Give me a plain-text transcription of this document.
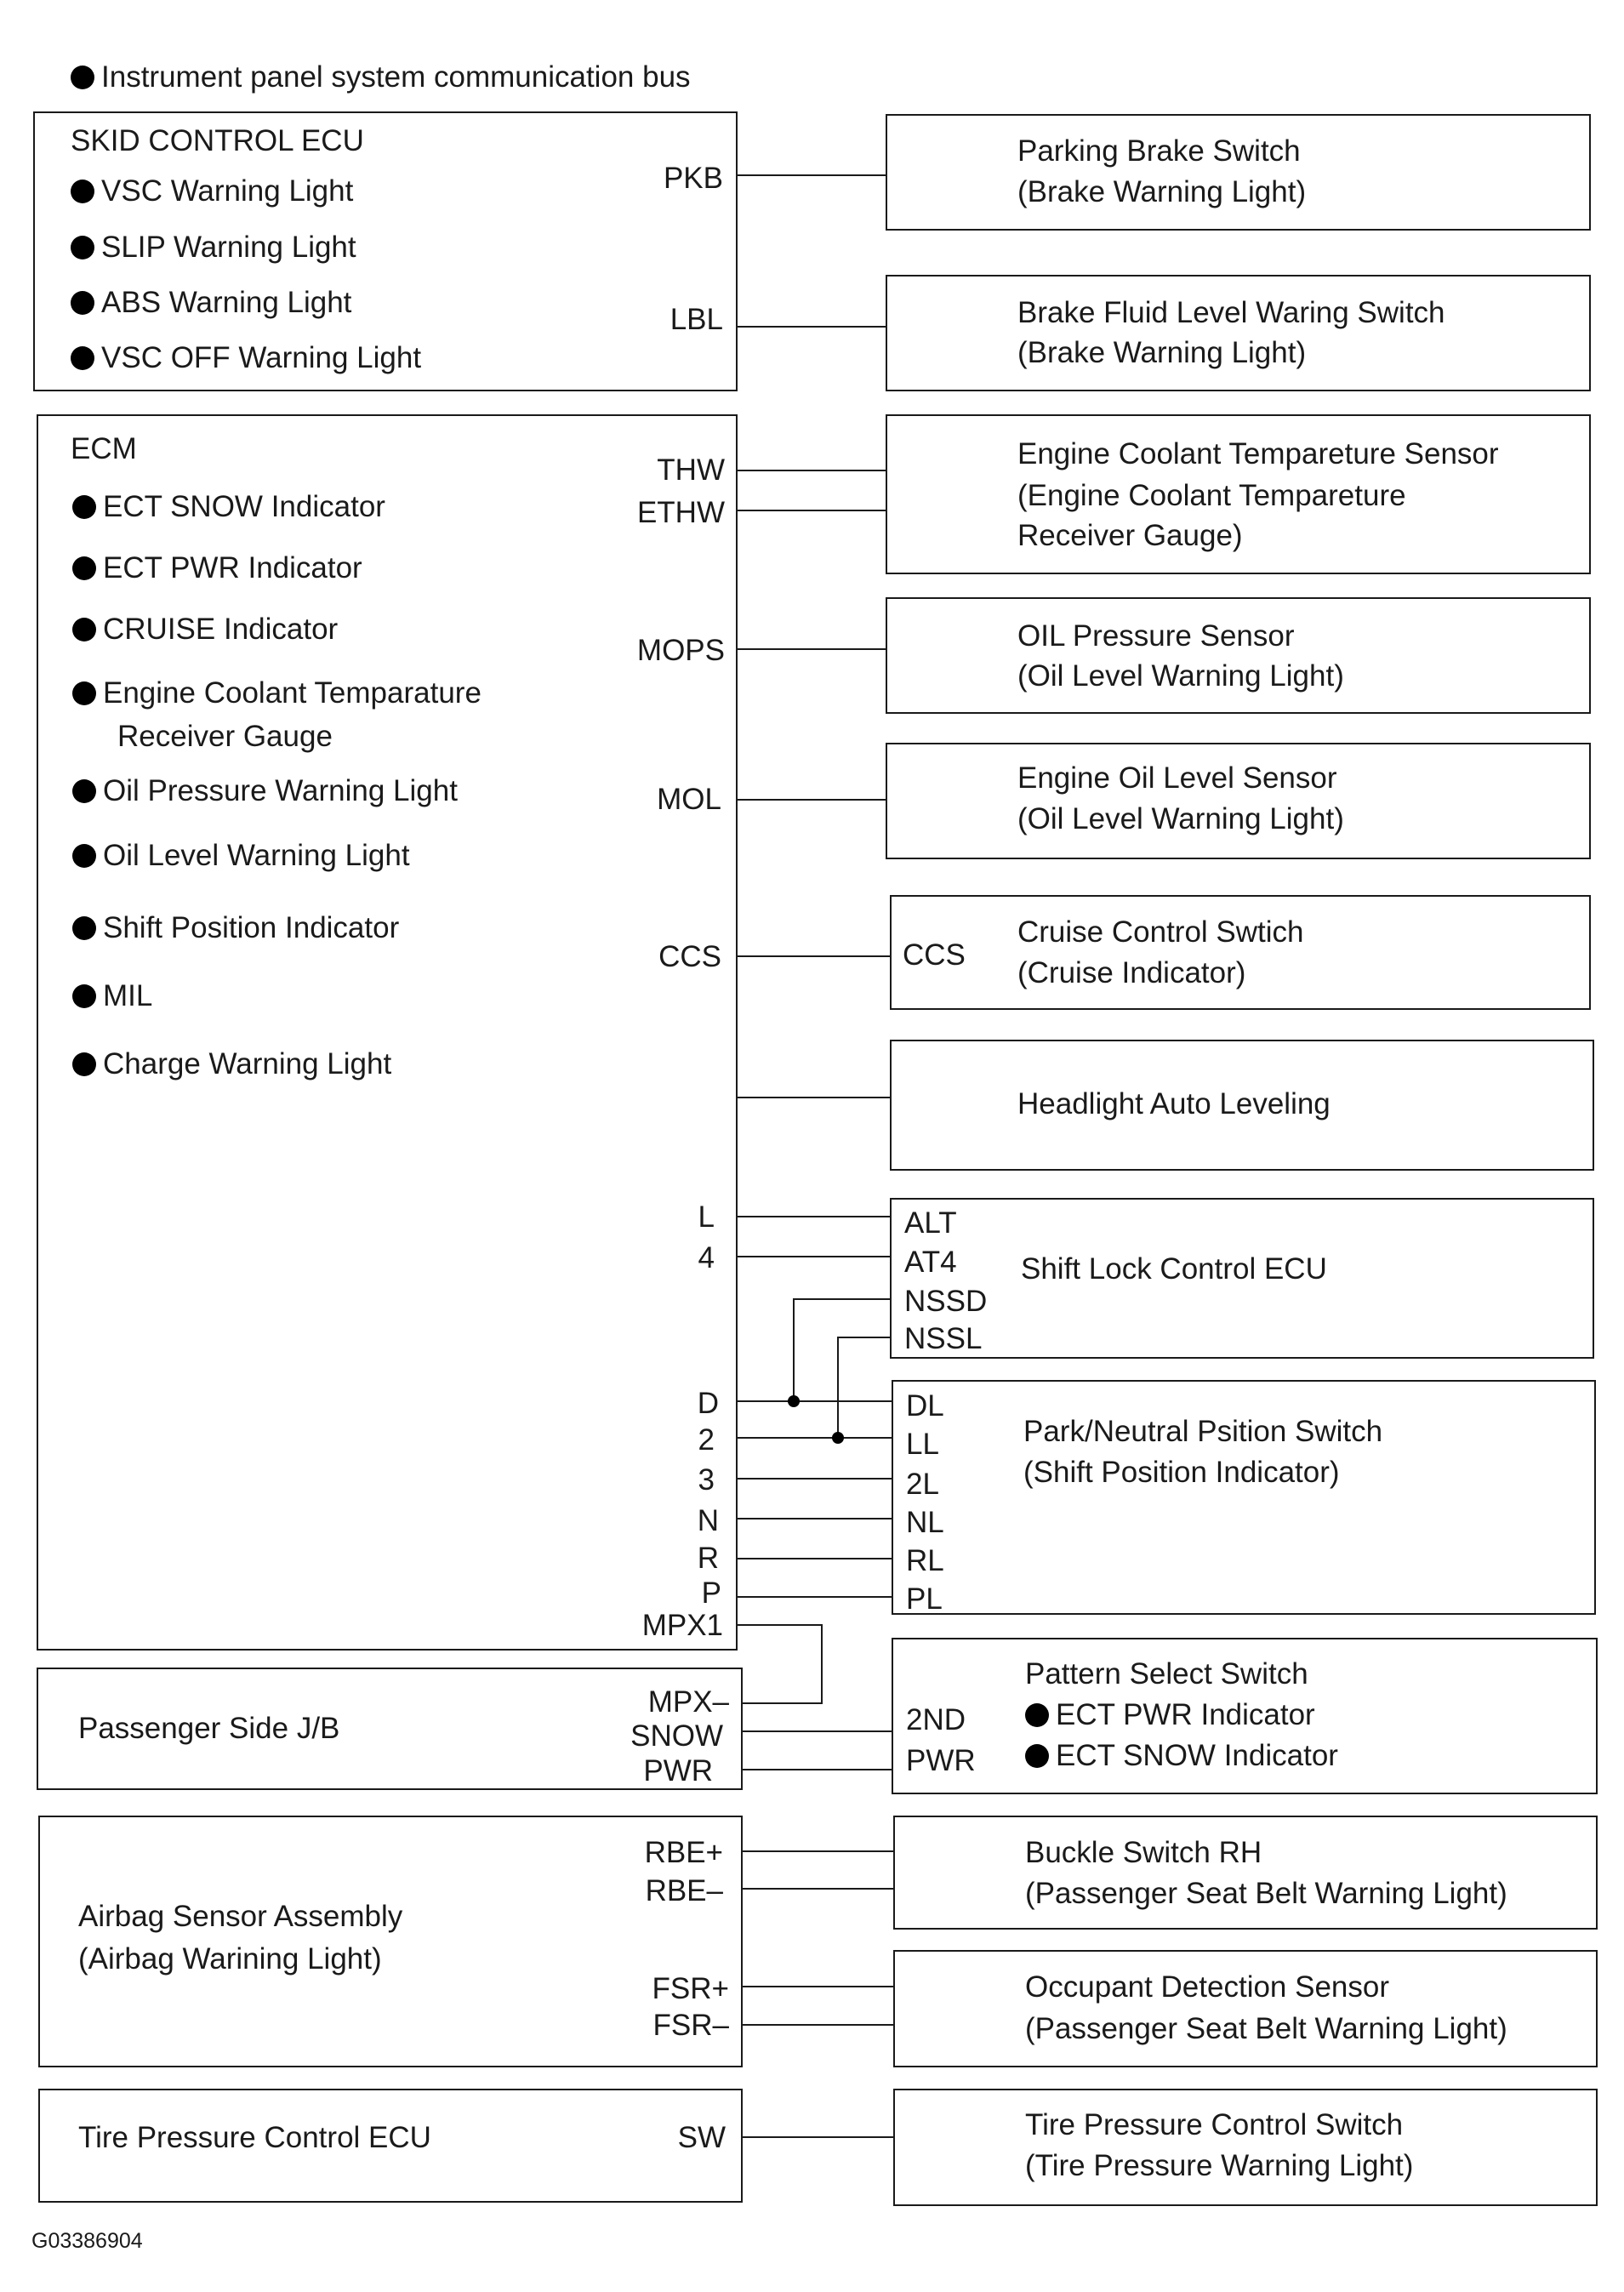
Instrument panel system communication bus
SKID CONTROL ECU
VSC Warning Light
SLIP Warning Light
ABS Warning Light
VSC OFF Warning Light
PKB
LBL
ECM
ECT SNOW Indicator
ECT PWR Indicator
CRUISE Indicator
Engine Coolant Temparature
Receiver Gauge
Oil Pressure Warning Light
Oil Level Warning Light
Shift Position Indicator
MIL
Charge Warning Light
THW
ETHW
MOPS
MOL
CCS
L
4
D
2
3
N
R
P
MPX1
Passenger Side J/B
MPX–
SNOW
PWR
Airbag Sensor Assembly
(Airbag Warining Light)
RBE+
RBE–
FSR+
FSR–
Tire Pressure Control ECU	SW
Parking Brake Switch
(Brake Warning Light)
Brake Fluid Level Waring Switch
(Brake Warning Light)
Engine Coolant Tempareture Sensor
(Engine Coolant Tempareture
Receiver Gauge)
OIL Pressure Sensor
(Oil Level Warning Light)
Engine Oil Level Sensor
(Oil Level Warning Light)
CCS
Cruise Control Swtich
(Cruise Indicator)
Headlight Auto Leveling
ALT
AT4
NSSD
NSSL
Shift Lock Control ECU
DL
LL
2L
NL
RL
PL
Park/Neutral Psition Switch
(Shift Position Indicator)
Pattern Select Switch
2ND
PWR
ECT PWR Indicator
ECT SNOW Indicator
Buckle Switch RH
(Passenger Seat Belt Warning Light)
Occupant Detection Sensor
(Passenger Seat Belt Warning Light)
Tire Pressure Control Switch
(Tire Pressure Warning Light)
G03386904
